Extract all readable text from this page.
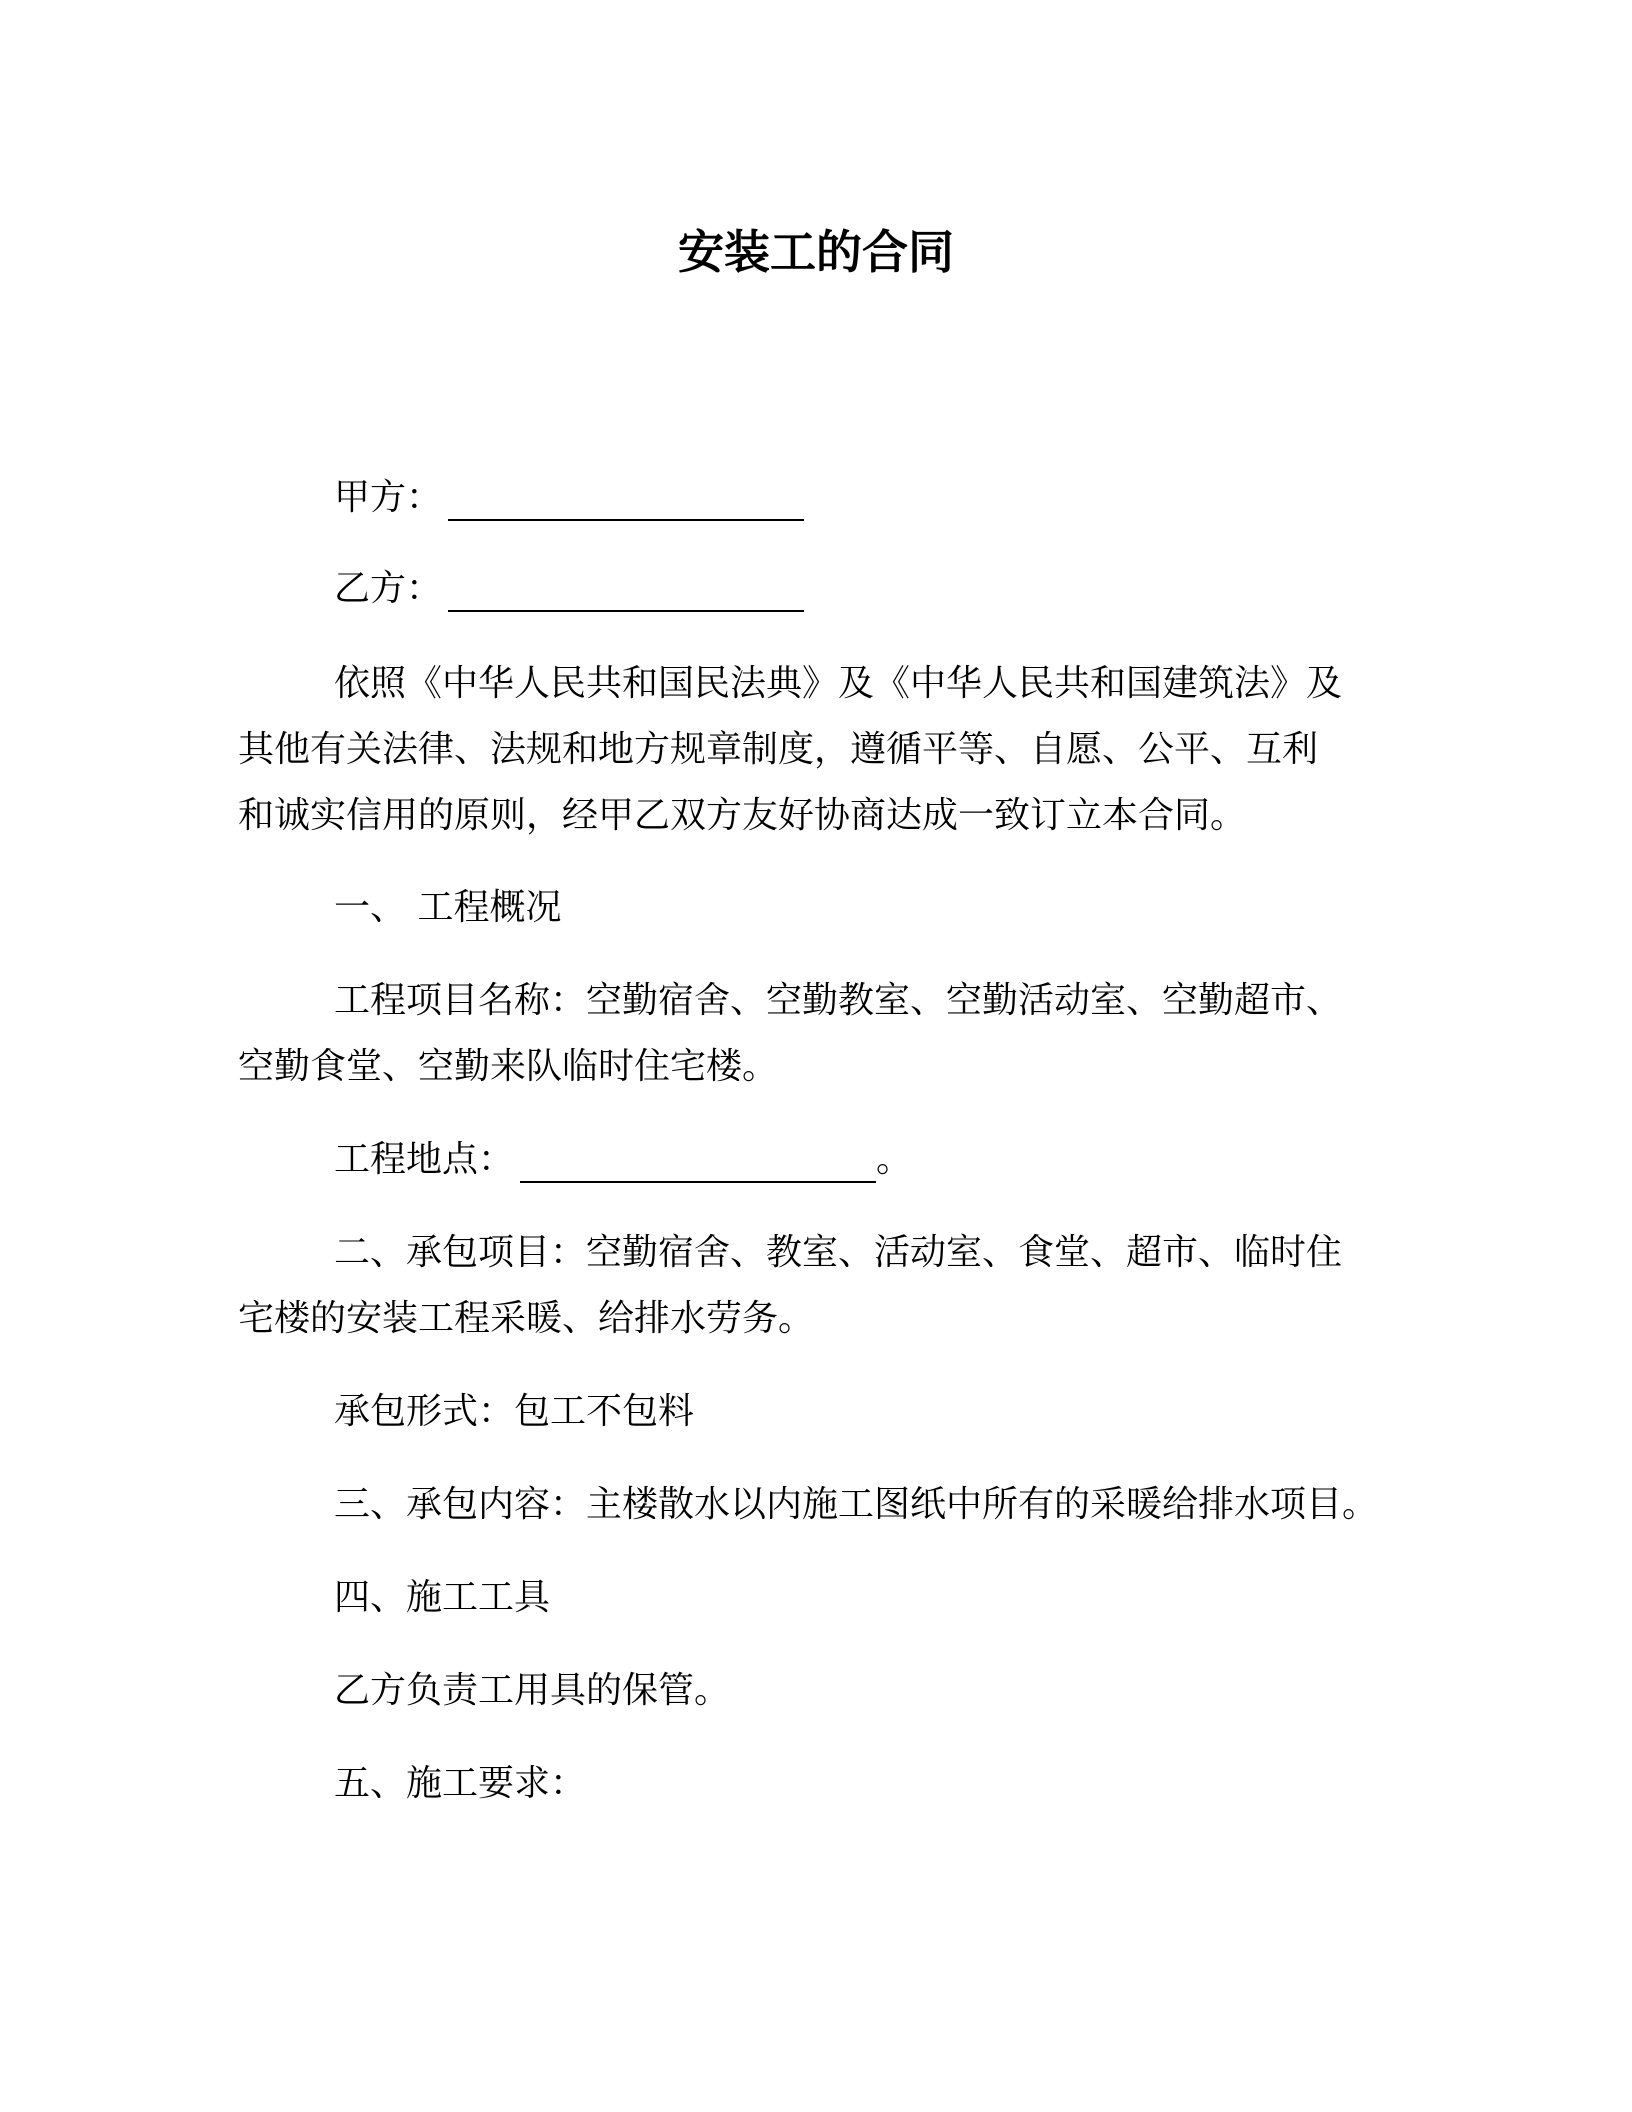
安装工的合同
甲方：
乙方：
依照《中华人民共和国民法典》及《中华人民共和国建筑法》及
其他有关法律、法规和地方规章制度，遵循平等、自愿、公平、互利
和诚实信用的原则，经甲乙双方友好协商达成一致订立本合同。
一、 工程概况
工程项目名称：空勤宿舍、空勤教室、空勤活动室、空勤超市、
空勤食堂、空勤来队临时住宅楼。
工程地点：	。
二、承包项目：空勤宿舍、教室、活动室、食堂、超市、临时住
宅楼的安装工程采暖、给排水劳务。
承包形式：包工不包料
三、承包内容：主楼散水以内施工图纸中所有的采暖给排水项目。
四、施工工具
乙方负责工用具的保管。
五、施工要求：
